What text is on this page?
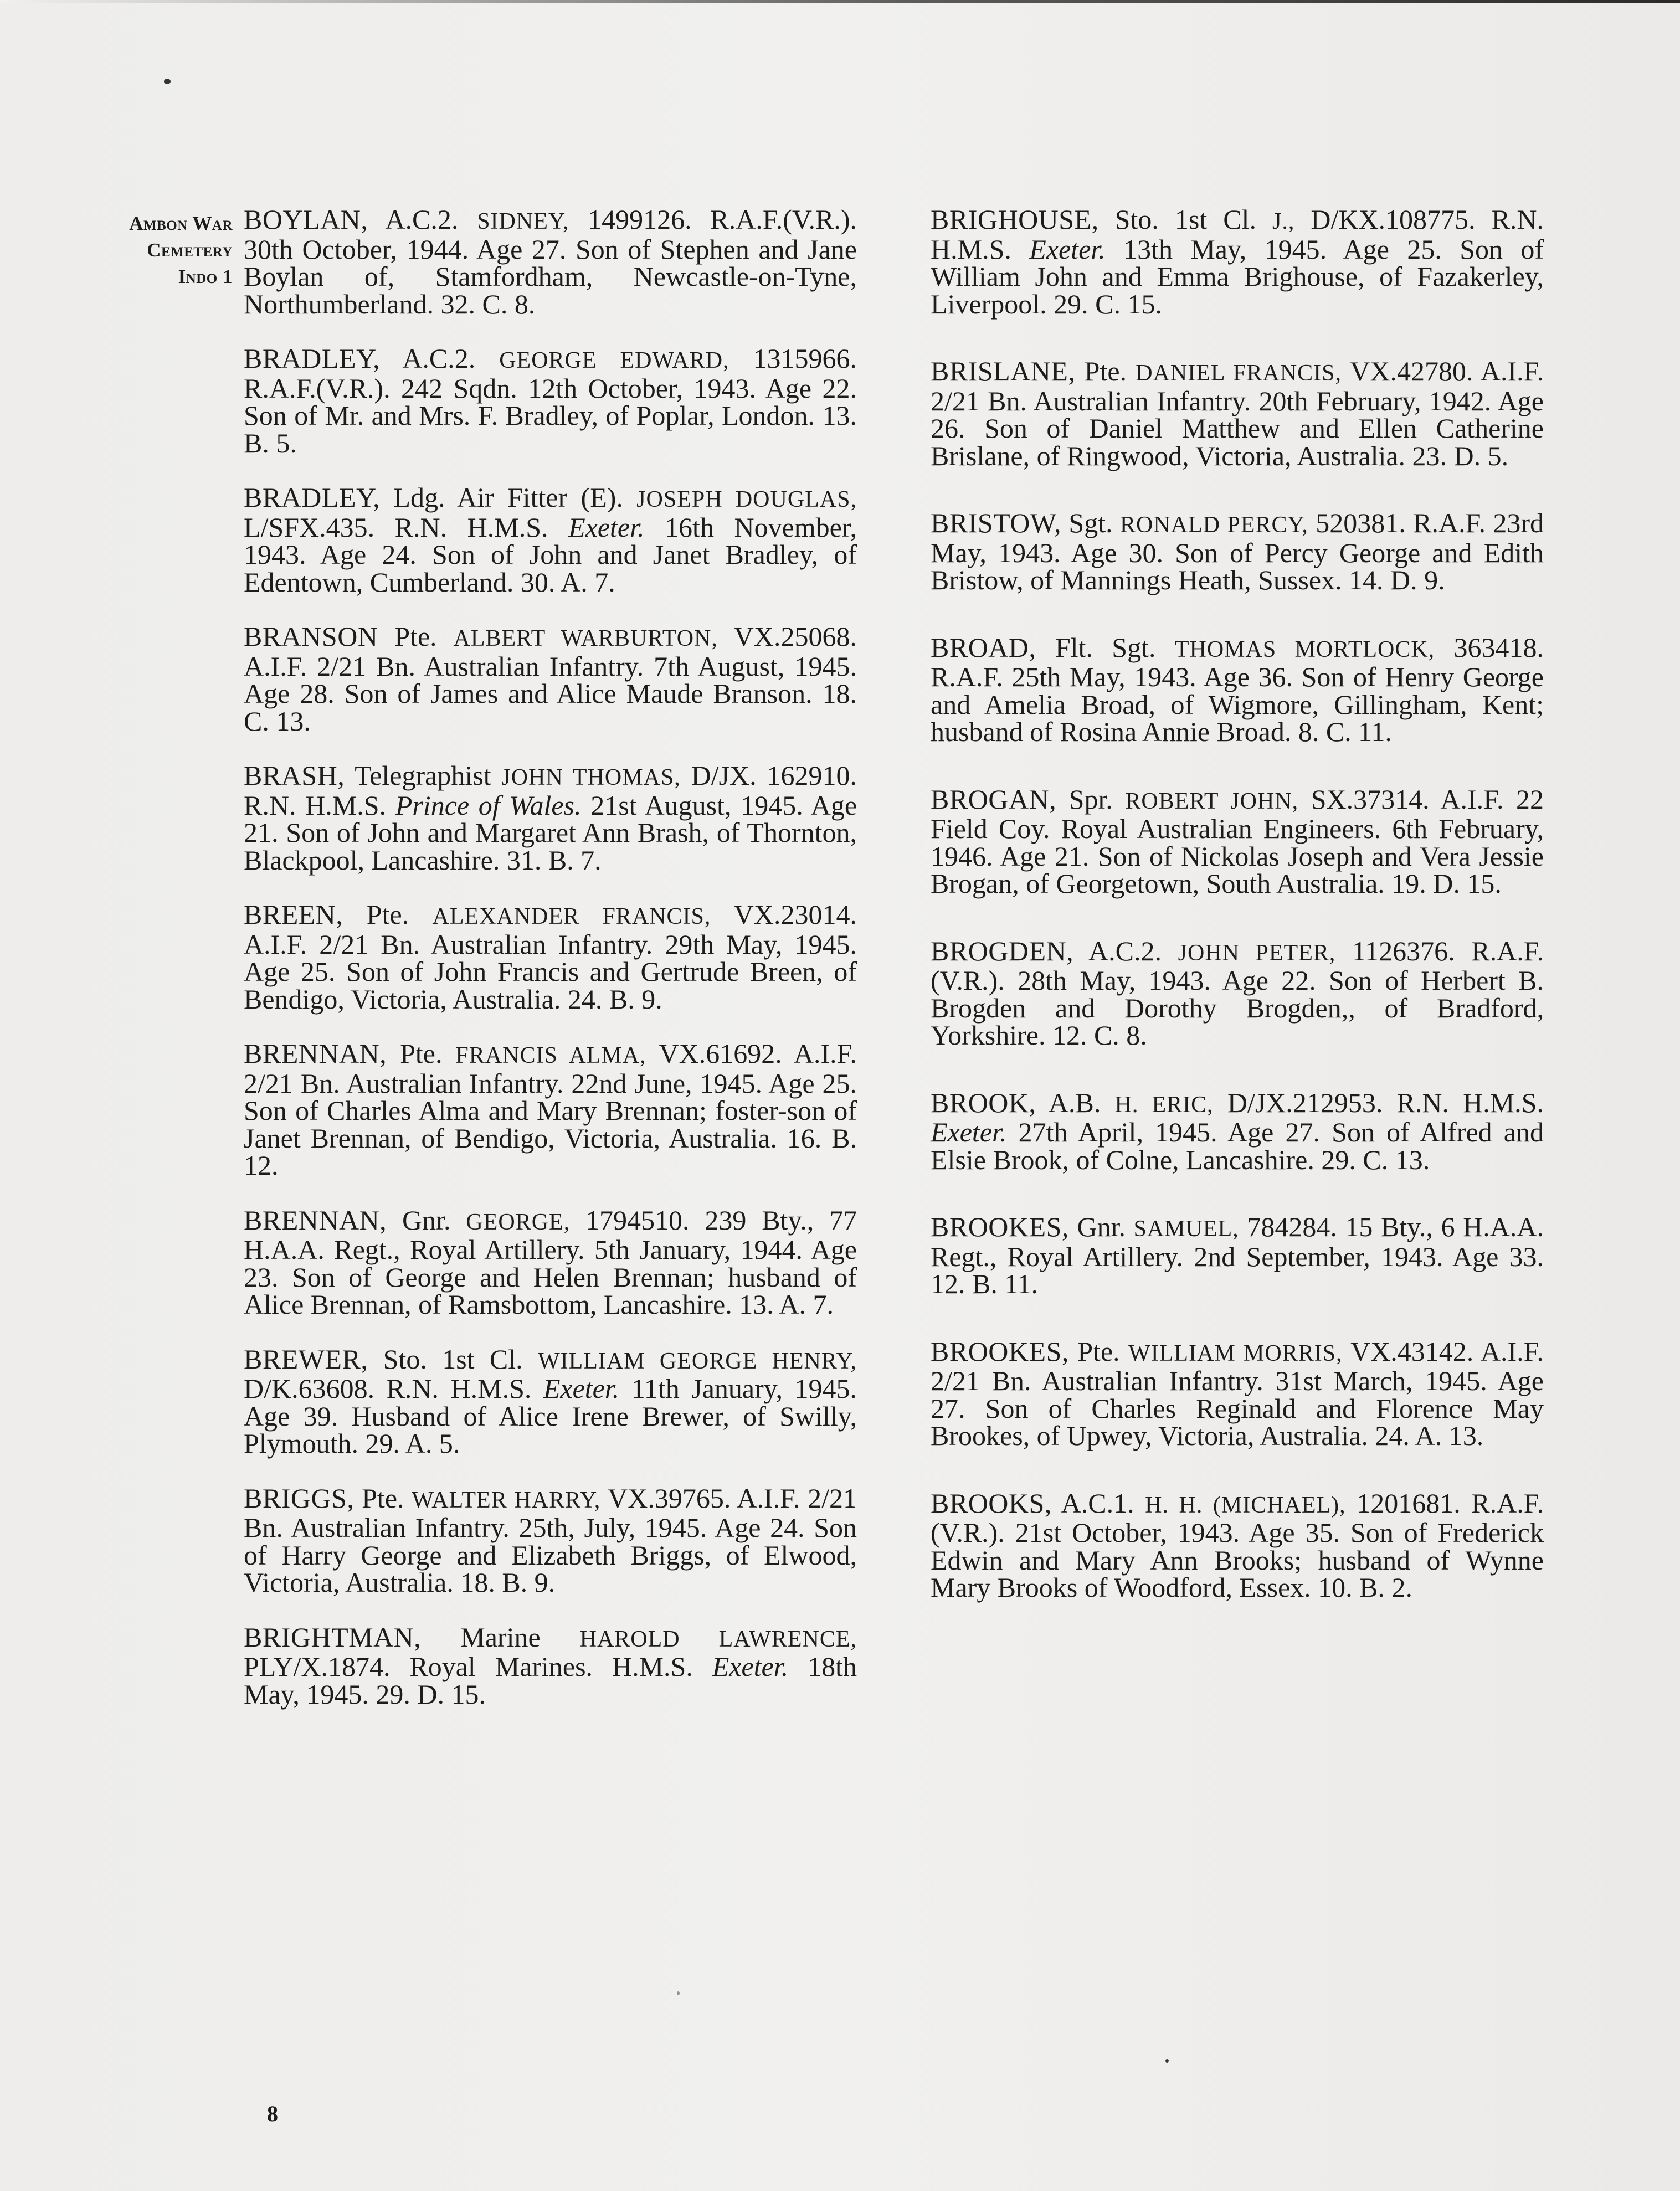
Ambon War
Cemetery
Indo 1

BOYLAN, A.C.2. SIDNEY, 1499126. R.A.F.(V.R.). 30th October, 1944. Age 27. Son of Stephen and Jane Boylan of, Stamfordham, Newcastle-on-Tyne, Northumberland. 32. C. 8.

BRADLEY, A.C.2. GEORGE EDWARD, 1315966. R.A.F.(V.R.). 242 Sqdn. 12th October, 1943. Age 22. Son of Mr. and Mrs. F. Bradley, of Poplar, London. 13. B. 5.

BRADLEY, Ldg. Air Fitter (E). JOSEPH DOUGLAS, L/SFX.435. R.N. H.M.S. Exeter. 16th November, 1943. Age 24. Son of John and Janet Bradley, of Edentown, Cumberland. 30. A. 7.

BRANSON Pte. ALBERT WARBURTON, VX.25068. A.I.F. 2/21 Bn. Australian Infantry. 7th August, 1945. Age 28. Son of James and Alice Maude Branson. 18. C. 13.

BRASH, Telegraphist JOHN THOMAS, D/JX. 162910. R.N. H.M.S. Prince of Wales. 21st August, 1945. Age 21. Son of John and Margaret Ann Brash, of Thornton, Blackpool, Lancashire. 31. B. 7.

BREEN, Pte. ALEXANDER FRANCIS, VX.23014. A.I.F. 2/21 Bn. Australian Infantry. 29th May, 1945. Age 25. Son of John Francis and Gertrude Breen, of Bendigo, Victoria, Australia. 24. B. 9.

BRENNAN, Pte. FRANCIS ALMA, VX.61692. A.I.F. 2/21 Bn. Australian Infantry. 22nd June, 1945. Age 25. Son of Charles Alma and Mary Brennan; foster-son of Janet Brennan, of Bendigo, Victoria, Australia. 16. B. 12.

BRENNAN, Gnr. GEORGE, 1794510. 239 Bty., 77 H.A.A. Regt., Royal Artillery. 5th January, 1944. Age 23. Son of George and Helen Brennan; husband of Alice Brennan, of Ramsbottom, Lancashire. 13. A. 7.

BREWER, Sto. 1st Cl. WILLIAM GEORGE HENRY, D/K.63608. R.N. H.M.S. Exeter. 11th January, 1945. Age 39. Husband of Alice Irene Brewer, of Swilly, Plymouth. 29. A. 5.

BRIGGS, Pte. WALTER HARRY, VX.39765. A.I.F. 2/21 Bn. Australian Infantry. 25th, July, 1945. Age 24. Son of Harry George and Elizabeth Briggs, of Elwood, Victoria, Australia. 18. B. 9.

BRIGHTMAN, Marine HAROLD LAWRENCE, PLY/X.1874. Royal Marines. H.M.S. Exeter. 18th May, 1945. 29. D. 15.

BRIGHOUSE, Sto. 1st Cl. J., D/KX.108775. R.N. H.M.S. Exeter. 13th May, 1945. Age 25. Son of William John and Emma Brighouse, of Fazakerley, Liverpool. 29. C. 15.

BRISLANE, Pte. DANIEL FRANCIS, VX.42780. A.I.F. 2/21 Bn. Australian Infantry. 20th February, 1942. Age 26. Son of Daniel Matthew and Ellen Catherine Brislane, of Ringwood, Victoria, Australia. 23. D. 5.

BRISTOW, Sgt. RONALD PERCY, 520381. R.A.F. 23rd May, 1943. Age 30. Son of Percy George and Edith Bristow, of Mannings Heath, Sussex. 14. D. 9.

BROAD, Flt. Sgt. THOMAS MORTLOCK, 363418. R.A.F. 25th May, 1943. Age 36. Son of Henry George and Amelia Broad, of Wigmore, Gillingham, Kent; husband of Rosina Annie Broad. 8. C. 11.

BROGAN, Spr. ROBERT JOHN, SX.37314. A.I.F. 22 Field Coy. Royal Australian Engineers. 6th February, 1946. Age 21. Son of Nickolas Joseph and Vera Jessie Brogan, of Georgetown, South Australia. 19. D. 15.

BROGDEN, A.C.2. JOHN PETER, 1126376. R.A.F.(V.R.). 28th May, 1943. Age 22. Son of Herbert B. Brogden and Dorothy Brogden,, of Bradford, Yorkshire. 12. C. 8.

BROOK, A.B. H. ERIC, D/JX.212953. R.N. H.M.S. Exeter. 27th April, 1945. Age 27. Son of Alfred and Elsie Brook, of Colne, Lancashire. 29. C. 13.

BROOKES, Gnr. SAMUEL, 784284. 15 Bty., 6 H.A.A. Regt., Royal Artillery. 2nd September, 1943. Age 33. 12. B. 11.

BROOKES, Pte. WILLIAM MORRIS, VX.43142. A.I.F. 2/21 Bn. Australian Infantry. 31st March, 1945. Age 27. Son of Charles Reginald and Florence May Brookes, of Upwey, Victoria, Australia. 24. A. 13.

BROOKS, A.C.1. H. H. (MICHAEL), 1201681. R.A.F.(V.R.). 21st October, 1943. Age 35. Son of Frederick Edwin and Mary Ann Brooks; husband of Wynne Mary Brooks of Woodford, Essex. 10. B. 2.

8
